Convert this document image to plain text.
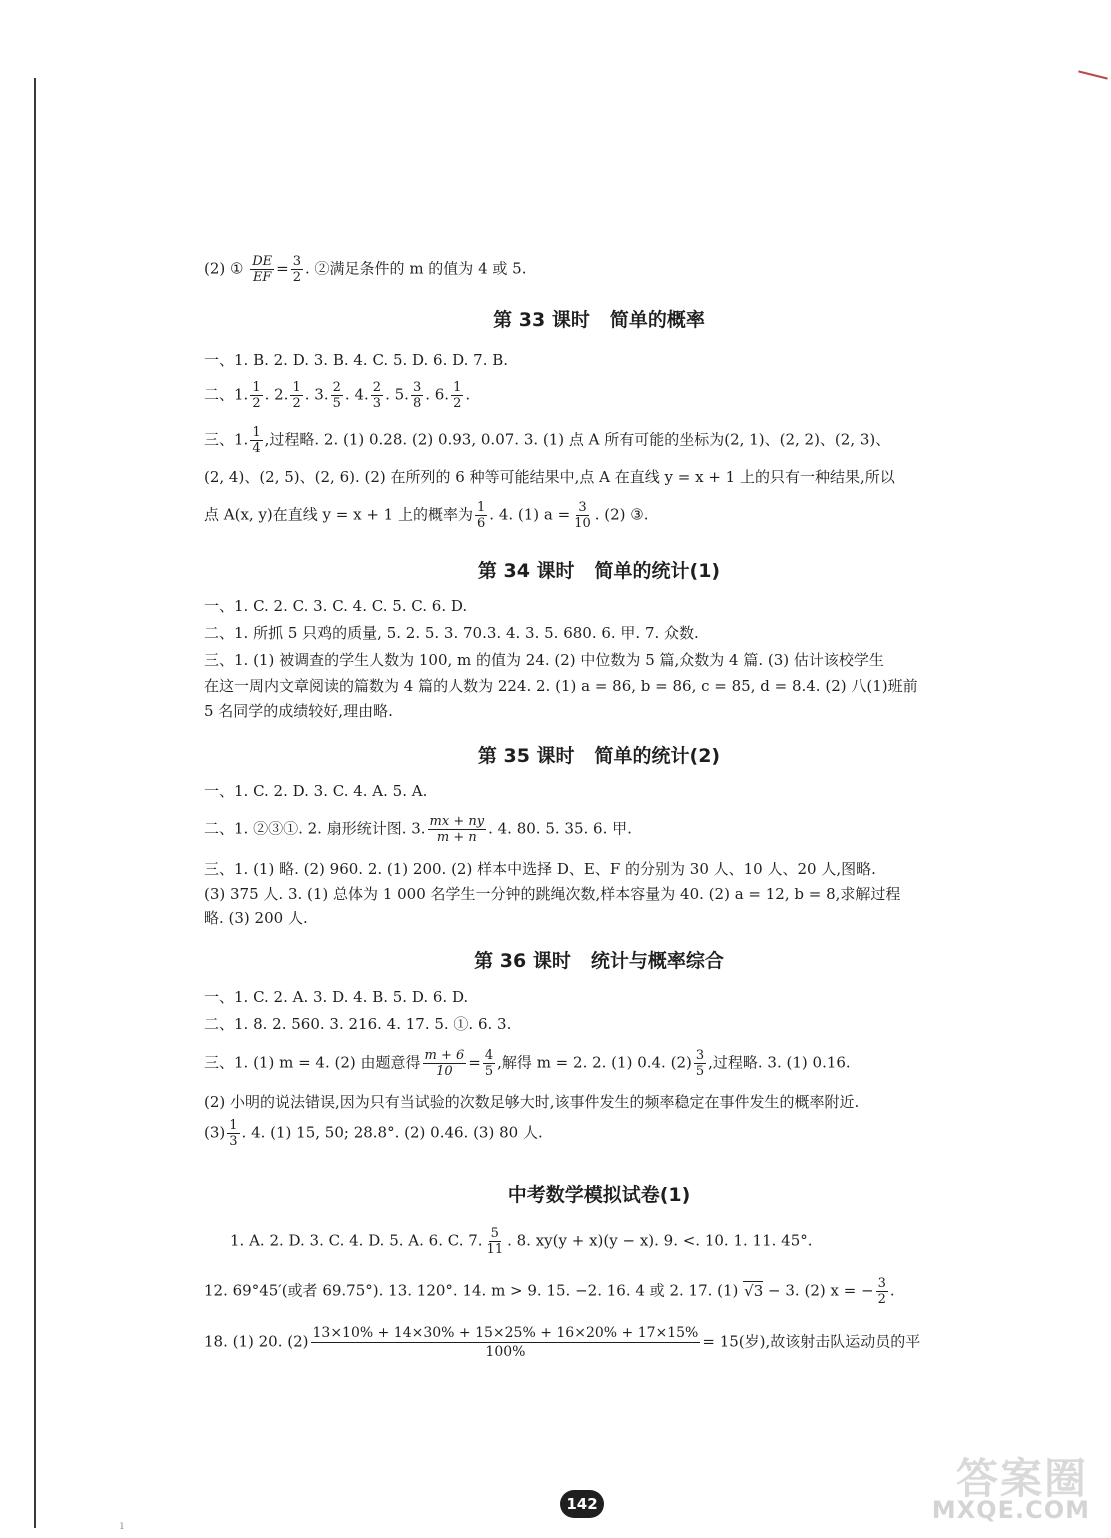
ı
(2) ① $\frac{DE}{EF} = \frac{3}{2}$ . ②满足条件的 m 的值为 4 或 5.
第 33 课时 简单的概率
一、1. B. 2. D. 3. B. 4. C. 5. D. 6. D. 7. B.
二、1. $\frac{1}{2}$ . 2. $\frac{1}{2}$ . 3. $\frac{2}{5}$ . 4. $\frac{2}{3}$ . 5. $\frac{3}{8}$ . 6. $\frac{1}{2}$ .
三、1. $\frac{1}{4}$ ,过程略. 2. (1) 0.28. (2) 0.93, 0.07. 3. (1) 点 A 所有可能的坐标为(2, 1)、(2, 2)、(2, 3)、
(2, 4)、(2, 5)、(2, 6). (2) 在所列的 6 种等可能结果中,点 A 在直线 y = x + 1 上的只有一种结果,所以
点 A(x, y)在直线 y = x + 1 上的概率为 $\frac{1}{6}$ . 4. (1) $a = \frac{3}{10}$ . (2) ③.
第 34 课时 简单的统计(1)
一、1. C. 2. C. 3. C. 4. C. 5. C. 6. D.
二、1. 所抓 5 只鸡的质量, 5. 2. 5. 3. 70.3. 4. 3. 5. 680. 6. 甲. 7. 众数.
三、1. (1) 被调查的学生人数为 100, m 的值为 24. (2) 中位数为 5 篇,众数为 4 篇. (3) 估计该校学生
在这一周内文章阅读的篇数为 4 篇的人数为 224. 2. (1) a = 86, b = 86, c = 85, d = 8.4. (2) 八(1)班前
5 名同学的成绩较好,理由略.
第 35 课时 简单的统计(2)
一、1. C. 2. D. 3. C. 4. A. 5. A.
二、1. ②③①. 2. 扇形统计图. 3. $\frac{mx + ny}{m + n}$ . 4. 80. 5. 35. 6. 甲.
三、1. (1) 略. (2) 960. 2. (1) 200. (2) 样本中选择 D、E、F 的分别为 30 人、10 人、20 人,图略.
(3) 375 人. 3. (1) 总体为 1 000 名学生一分钟的跳绳次数,样本容量为 40. (2) a = 12, b = 8,求解过程
略. (3) 200 人.
第 36 课时 统计与概率综合
一、1. C. 2. A. 3. D. 4. B. 5. D. 6. D.
二、1. 8. 2. 560. 3. 216. 4. 17. 5. ①. 6. 3.
三、1. (1) m = 4. (2) 由题意得 $\frac{m + 6}{10} = \frac{4}{5}$ ,解得 m = 2. 2. (1) 0.4. $(2) \frac{3}{5}$ ,过程略. 3. (1) 0.16.
(2) 小明的说法错误,因为只有当试验的次数足够大时,该事件发生的频率稳定在事件发生的概率附近.
$(3) \frac{1}{3}$ . 4. (1) 15, 50; 28.8°. (2) 0.46. (3) 80 人.
中考数学模拟试卷(1)
1. A. 2. D. 3. C. 4. D. 5. A. 6. C. 7. $\frac{5}{11}$ . 8. xy(y + x)(y − x). 9. <. 10. 1. 11. 45°.
12. 69°45′(或者 69.75°). 13. 120°. 14. m > 9. 15. −2. 16. 4 或 2. 17. (1) √3 − 3. (2) x = − $\frac{3}{2}$ .
18. (1) 20. $(2) \frac{13\times 10\% + 14\times 30\% + 15\times 25\% + 16\times 20\% + 17\times 15\%}{100\%} = 15$(岁),故该射击队运动员的平
142
答案圈
MXQE.COM
